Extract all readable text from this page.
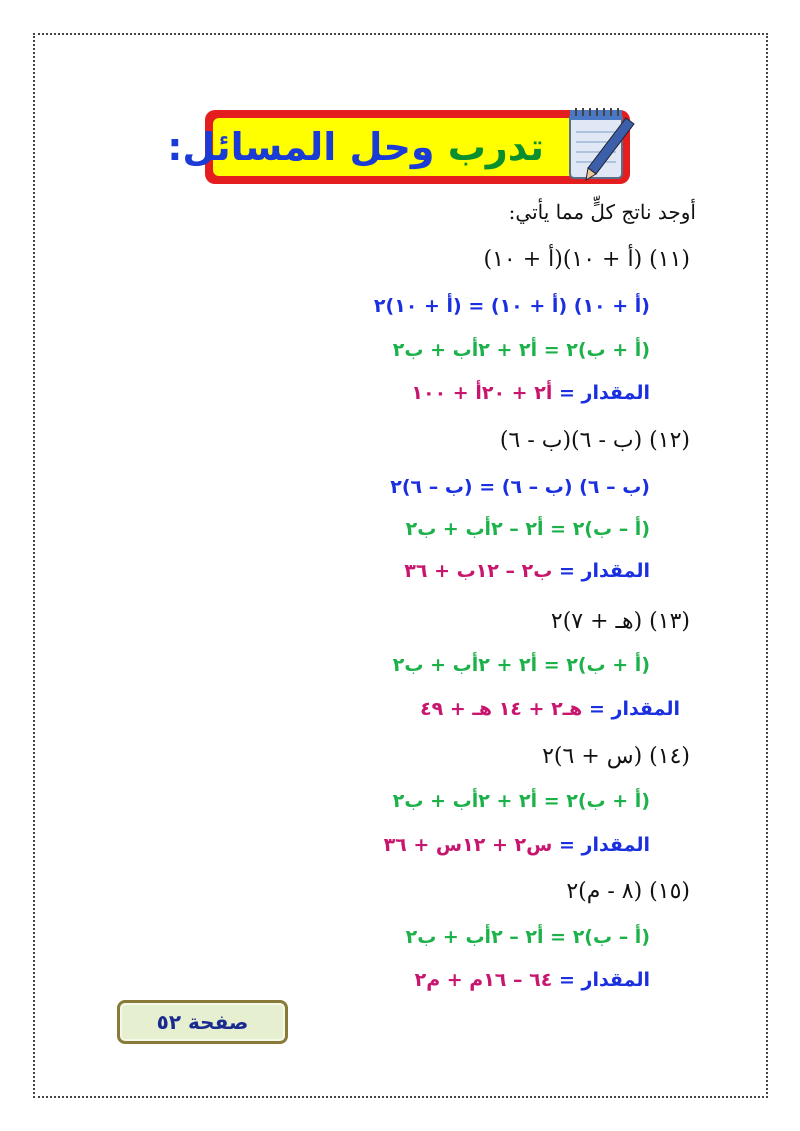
تدرب وحل المسائل:
أوجد ناتج كلٍّ مما يأتي:
(١١) (أ + ١٠)(أ + ١٠)
(أ + ١٠) (أ + ١٠) = (أ + ١٠)٢
(أ + ب)٢ = أ٢ + ٢أب + ب٢
المقدار = أ٢ + ٢٠أ + ١٠٠
(١٢) (ب - ٦)(ب - ٦)
(ب – ٦) (ب – ٦) = (ب – ٦)٢
(أ – ب)٢ = أ٢ – ٢أب + ب٢
المقدار = ب٢ – ١٢ب + ٣٦
(١٣) (هـ + ٧)٢
(أ + ب)٢ = أ٢ + ٢أب + ب٢
المقدار = هـ٢ + ١٤ هـ + ٤٩
(١٤) (س + ٦)٢
(أ + ب)٢ = أ٢ + ٢أب + ب٢
المقدار = س٢ + ١٢س + ٣٦
(١٥) (٨ - م)٢
(أ – ب)٢ = أ٢ – ٢أب + ب٢
المقدار = ٦٤ – ١٦م + م٢
صفحة ٥٢
